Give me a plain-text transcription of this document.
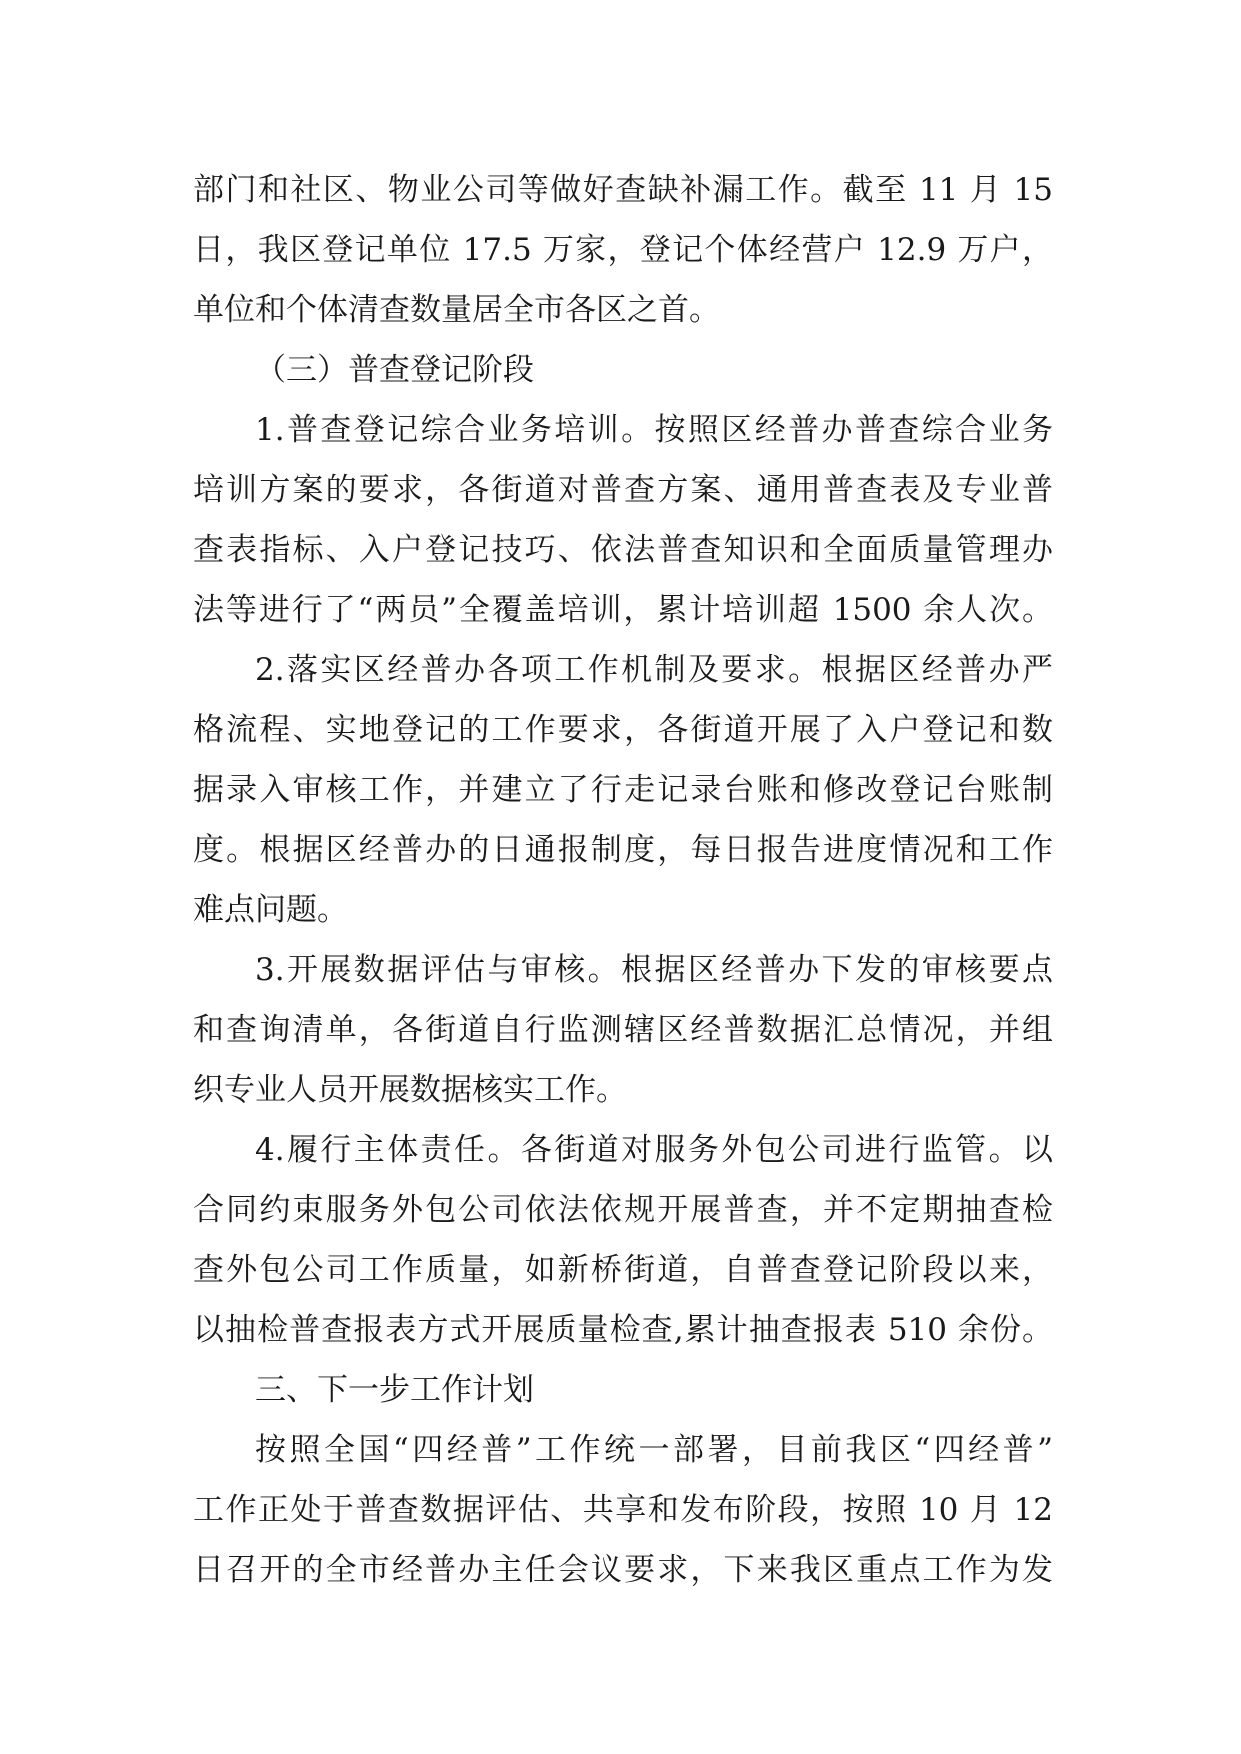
部门和社区、物业公司等做好查缺补漏工作。截至 11 月 15
日，我区登记单位 17.5 万家，登记个体经营户 12.9 万户，
单位和个体清查数量居全市各区之首。
（三）普查登记阶段
1.普查登记综合业务培训。按照区经普办普查综合业务
培训方案的要求，各街道对普查方案、通用普查表及专业普
查表指标、入户登记技巧、依法普查知识和全面质量管理办
法等进行了“两员”全覆盖培训，累计培训超 1500 余人次。
2.落实区经普办各项工作机制及要求。根据区经普办严
格流程、实地登记的工作要求，各街道开展了入户登记和数
据录入审核工作，并建立了行走记录台账和修改登记台账制
度。根据区经普办的日通报制度，每日报告进度情况和工作
难点问题。
3.开展数据评估与审核。根据区经普办下发的审核要点
和查询清单，各街道自行监测辖区经普数据汇总情况，并组
织专业人员开展数据核实工作。
4.履行主体责任。各街道对服务外包公司进行监管。以
合同约束服务外包公司依法依规开展普查，并不定期抽查检
查外包公司工作质量，如新桥街道，自普查登记阶段以来，
以抽检普查报表方式开展质量检查,累计抽查报表 510 余份。
三、下一步工作计划
按照全国“四经普”工作统一部署，目前我区“四经普”
工作正处于普查数据评估、共享和发布阶段，按照 10 月 12
日召开的全市经普办主任会议要求，下来我区重点工作为发
